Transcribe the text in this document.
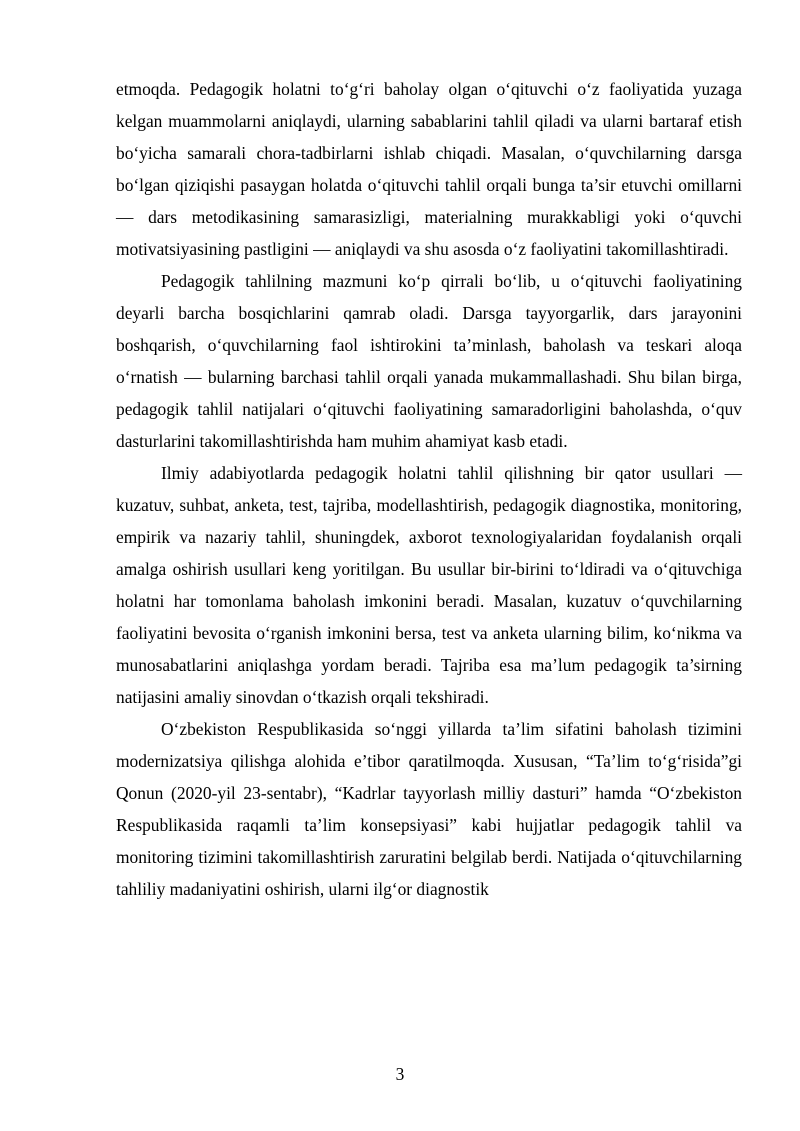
etmoqda. Pedagogik holatni to‘g‘ri baholay olgan o‘qituvchi o‘z faoliyatida yuzaga kelgan muammolarni aniqlaydi, ularning sabablarini tahlil qiladi va ularni bartaraf etish bo‘yicha samarali chora-tadbirlarni ishlab chiqadi. Masalan, o‘quvchilarning darsga bo‘lgan qiziqishi pasaygan holatda o‘qituvchi tahlil orqali bunga ta’sir etuvchi omillarni — dars metodikasining samarasizligi, materialning murakkabligi yoki o‘quvchi motivatsiyasining pastligini — aniqlaydi va shu asosda o‘z faoliyatini takomillashtiradi.

Pedagogik tahlilning mazmuni ko‘p qirrali bo‘lib, u o‘qituvchi faoliyatining deyarli barcha bosqichlarini qamrab oladi. Darsga tayyorgarlik, dars jarayonini boshqarish, o‘quvchilarning faol ishtirokini ta’minlash, baholash va teskari aloqa o‘rnatish — bularning barchasi tahlil orqali yanada mukammallashadi. Shu bilan birga, pedagogik tahlil natijalari o‘qituvchi faoliyatining samaradorligini baholashda, o‘quv dasturlarini takomillashtirishda ham muhim ahamiyat kasb etadi.

Ilmiy adabiyotlarda pedagogik holatni tahlil qilishning bir qator usullari — kuzatuv, suhbat, anketa, test, tajriba, modellashtirish, pedagogik diagnostika, monitoring, empirik va nazariy tahlil, shuningdek, axborot texnologiyalaridan foydalanish orqali amalga oshirish usullari keng yoritilgan. Bu usullar bir-birini to‘ldiradi va o‘qituvchiga holatni har tomonlama baholash imkonini beradi. Masalan, kuzatuv o‘quvchilarning faoliyatini bevosita o‘rganish imkonini bersa, test va anketa ularning bilim, ko‘nikma va munosabatlarini aniqlashga yordam beradi. Tajriba esa ma’lum pedagogik ta’sirning natijasini amaliy sinovdan o‘tkazish orqali tekshiradi.

O‘zbekiston Respublikasida so‘nggi yillarda ta’lim sifatini baholash tizimini modernizatsiya qilishga alohida e’tibor qaratilmoqda. Xususan, “Ta’lim to‘g‘risida”gi Qonun (2020-yil 23-sentabr), “Kadrlar tayyorlash milliy dasturi” hamda “O‘zbekiston Respublikasida raqamli ta’lim konsepsiyasi” kabi hujjatlar pedagogik tahlil va monitoring tizimini takomillashtirish zaruratini belgilab berdi. Natijada o‘qituvchilarning tahliliy madaniyatini oshirish, ularni ilg‘or diagnostik

3
